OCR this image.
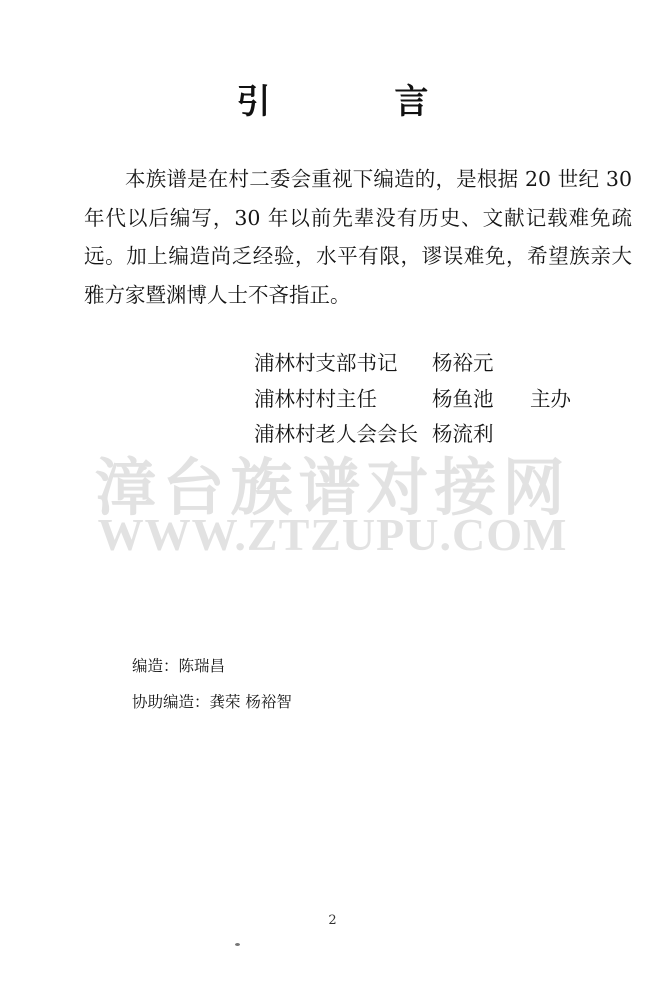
引 言

本族谱是在村二委会重视下编造的，是根据 20 世纪 30 年代以后编写，30 年以前先辈没有历史、文献记载难免疏远。加上编造尚乏经验，水平有限，谬误难免，希望族亲大雅方家暨渊博人士不吝指正。

浦林村支部书记 杨裕元
浦林村村主任	杨鱼池 主办
浦林村老人会会长 杨流利
漳台族谱对接网
WWW.ZTZUPU.COM
编造：陈瑞昌
协助编造：龚荣 杨裕智
2
